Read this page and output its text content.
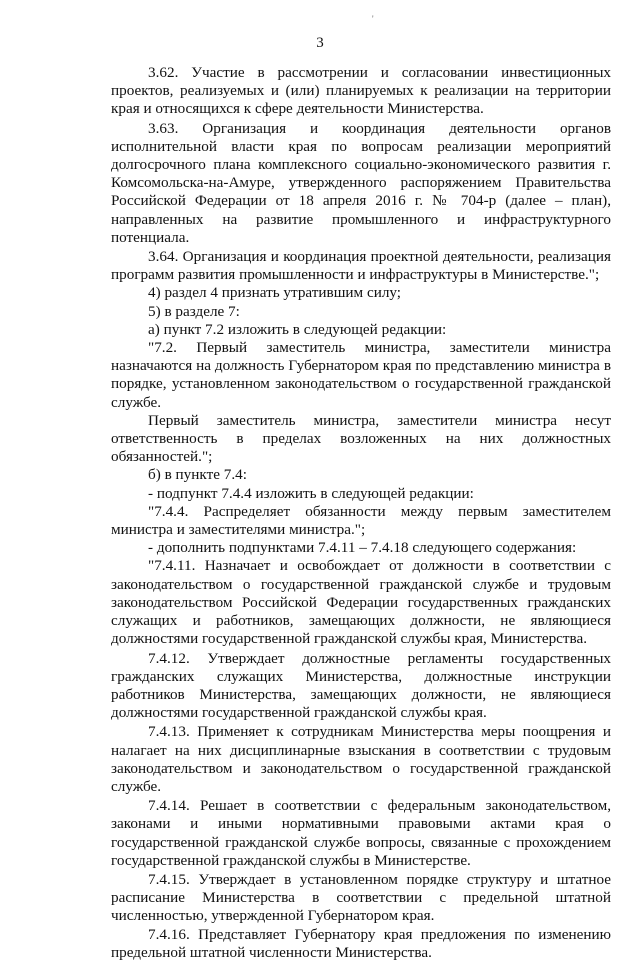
'
3

3.62. Участие в рассмотрении и согласовании инвестиционных проектов, реализуемых и (или) планируемых к реализации на территории края и относящихся к сфере деятельности Министерства.

3.63. Организация и координация деятельности органов исполнительной власти края по вопросам реализации мероприятий долгосрочного плана комплексного социально-экономического развития г. Комсомольска-на-Амуре, утвержденного распоряжением Правительства Российской Федерации от 18 апреля 2016 г. № 704-р (далее – план), направленных на развитие промышленного и инфраструктурного потенциала.

3.64. Организация и координация проектной деятельности, реализация программ развития промышленности и инфраструктуры в Министерстве.";

4) раздел 4 признать утратившим силу;

5) в разделе 7:

а) пункт 7.2 изложить в следующей редакции:

"7.2. Первый заместитель министра, заместители министра назначаются на должность Губернатором края по представлению министра в порядке, установленном законодательством о государственной гражданской службе.

Первый заместитель министра, заместители министра несут ответственность в пределах возложенных на них должностных обязанностей.";

б) в пункте 7.4:

- подпункт 7.4.4 изложить в следующей редакции:

"7.4.4. Распределяет обязанности между первым заместителем министра и заместителями министра.";

- дополнить подпунктами 7.4.11 – 7.4.18 следующего содержания:

"7.4.11. Назначает и освобождает от должности в соответствии с законодательством о государственной гражданской службе и трудовым законодательством Российской Федерации государственных гражданских служащих и работников, замещающих должности, не являющиеся должностями государственной гражданской службы края, Министерства.

7.4.12. Утверждает должностные регламенты государственных гражданских служащих Министерства, должностные инструкции работников Министерства, замещающих должности, не являющиеся должностями государственной гражданской службы края.

7.4.13. Применяет к сотрудникам Министерства меры поощрения и налагает на них дисциплинарные взыскания в соответствии с трудовым законодательством и законодательством о государственной гражданской службе.

7.4.14. Решает в соответствии с федеральным законодательством, законами и иными нормативными правовыми актами края о государственной гражданской службе вопросы, связанные с прохождением государственной гражданской службы в Министерстве.

7.4.15. Утверждает в установленном порядке структуру и штатное расписание Министерства в соответствии с предельной штатной численностью, утвержденной Губернатором края.

7.4.16. Представляет Губернатору края предложения по изменению предельной штатной численности Министерства.
